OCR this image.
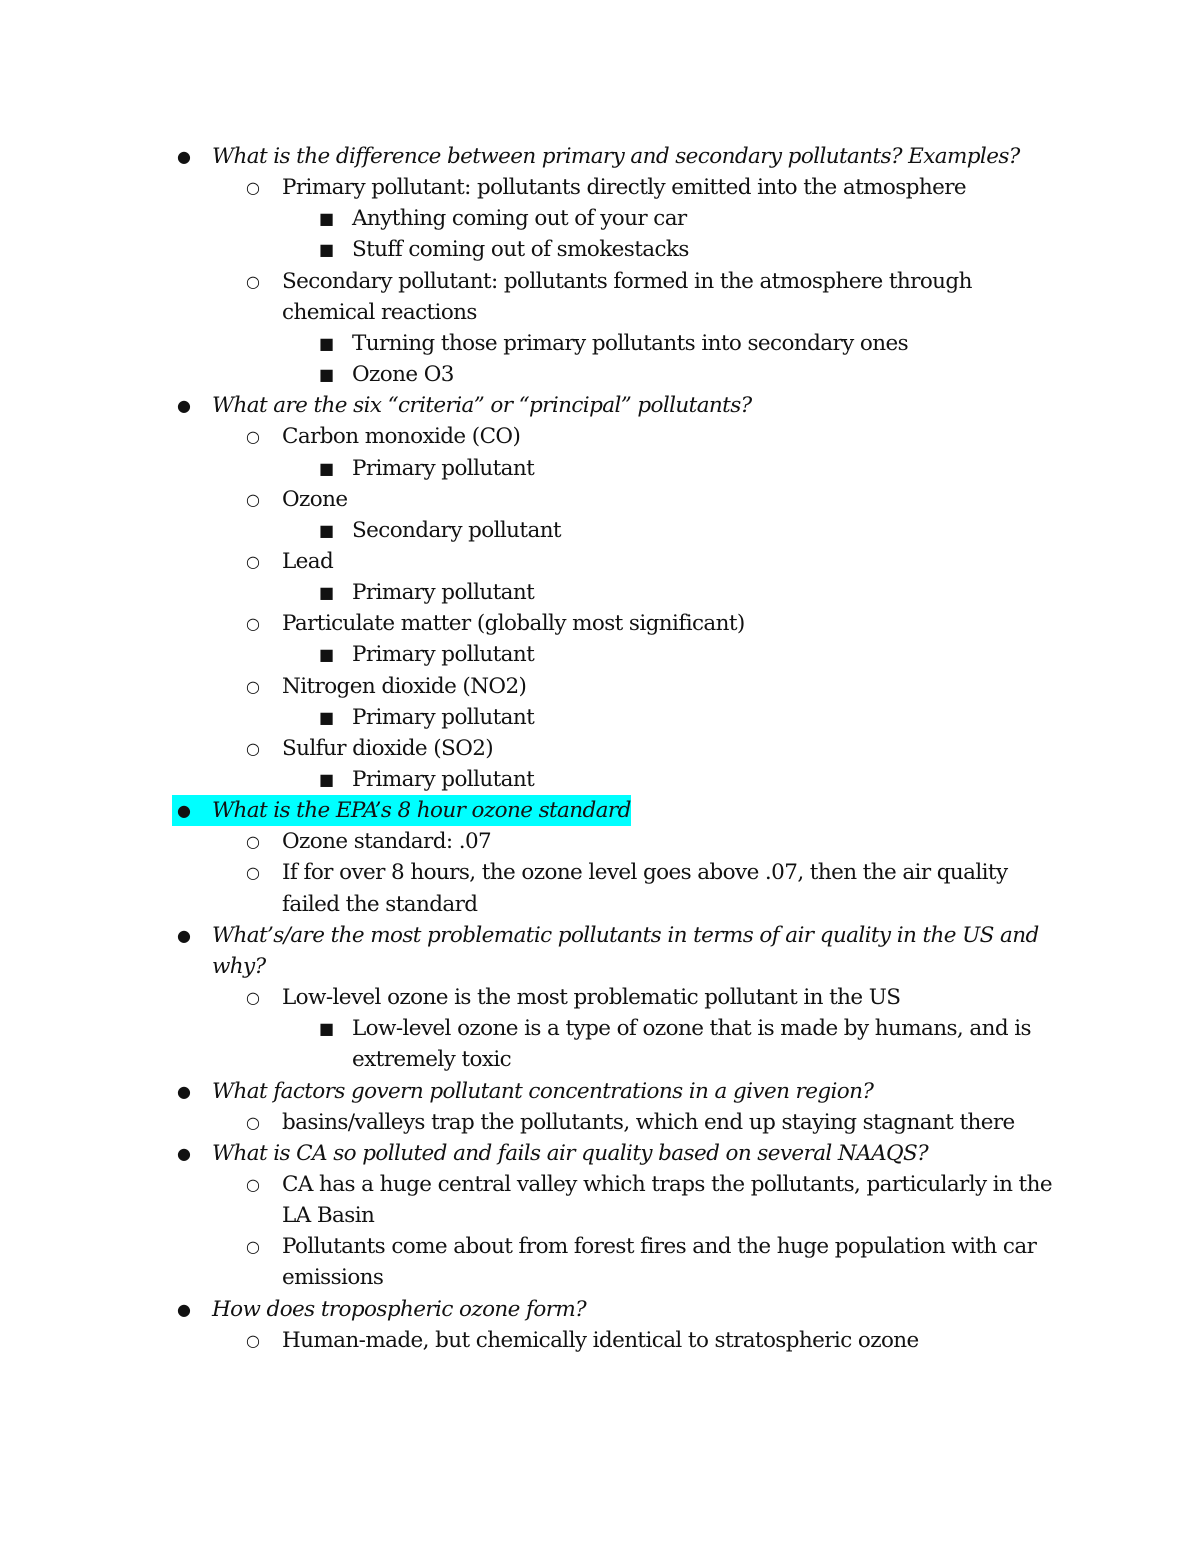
● What is the difference between primary and secondary pollutants? Examples?
○ Primary pollutant: pollutants directly emitted into the atmosphere
■ Anything coming out of your car
■ Stuff coming out of smokestacks
○ Secondary pollutant: pollutants formed in the atmosphere through
chemical reactions
■ Turning those primary pollutants into secondary ones
■ Ozone O3
● What are the six “criteria” or “principal” pollutants?
○ Carbon monoxide (CO)
■ Primary pollutant
○ Ozone
■ Secondary pollutant
○ Lead
■ Primary pollutant
○ Particulate matter (globally most significant)
■ Primary pollutant
○ Nitrogen dioxide (NO2)
■ Primary pollutant
○ Sulfur dioxide (SO2)
■ Primary pollutant
● What is the EPA’s 8 hour ozone standard
○ Ozone standard: .07
○ If for over 8 hours, the ozone level goes above .07, then the air quality
failed the standard
● What’s/are the most problematic pollutants in terms of air quality in the US and
why?
○ Low-level ozone is the most problematic pollutant in the US
■ Low-level ozone is a type of ozone that is made by humans, and is
extremely toxic
● What factors govern pollutant concentrations in a given region?
○ basins/valleys trap the pollutants, which end up staying stagnant there
● What is CA so polluted and fails air quality based on several NAAQS?
○ CA has a huge central valley which traps the pollutants, particularly in the
LA Basin
○ Pollutants come about from forest fires and the huge population with car
emissions
● How does tropospheric ozone form?
○ Human-made, but chemically identical to stratospheric ozone
